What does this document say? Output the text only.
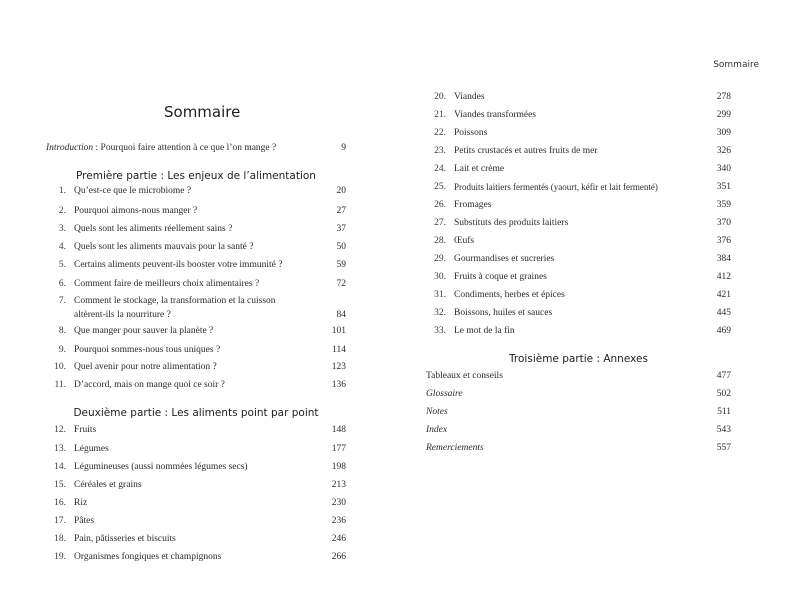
Sommaire
Introduction : Pourquoi faire attention à ce que l’on mange ?	9
Première partie : Les enjeux de l’alimentation
1. Qu’est-ce que le microbiome ?	20
2. Pourquoi aimons-nous manger ?	27
3. Quels sont les aliments réellement sains ?	37
4. Quels sont les aliments mauvais pour la santé ?	50
5. Certains aliments peuvent-ils booster votre immunité ?	59
6. Comment faire de meilleurs choix alimentaires ?	72
7. Comment le stockage, la transformation et la cuisson altèrent-ils la nourriture ?	84
8. Que manger pour sauver la planète ?	101
9. Pourquoi sommes-nous tous uniques ?	114
10. Quel avenir pour notre alimentation ?	123
11. D’accord, mais on mange quoi ce soir ?	136
Deuxième partie : Les aliments point par point
12. Fruits	148
13. Légumes	177
14. Légumineuses (aussi nommées légumes secs)	198
15. Céréales et grains	213
16. Riz	230
17. Pâtes	236
18. Pain, pâtisseries et biscuits	246
19. Organismes fongiques et champignons	266
Sommaire
20. Viandes	278
21. Viandes transformées	299
22. Poissons	309
23. Petits crustacés et autres fruits de mer	326
24. Lait et crème	340
25. Produits laitiers fermentés (yaourt, kéfir et lait fermenté)	351
26. Fromages	359
27. Substituts des produits laitiers	370
28. Œufs	376
29. Gourmandises et sucreries	384
30. Fruits à coque et graines	412
31. Condiments, herbes et épices	421
32. Boissons, huiles et sauces	445
33. Le mot de la fin	469
Troisième partie : Annexes
Tableaux et conseils	477
Glossaire	502
Notes	511
Index	543
Remerciements	557
